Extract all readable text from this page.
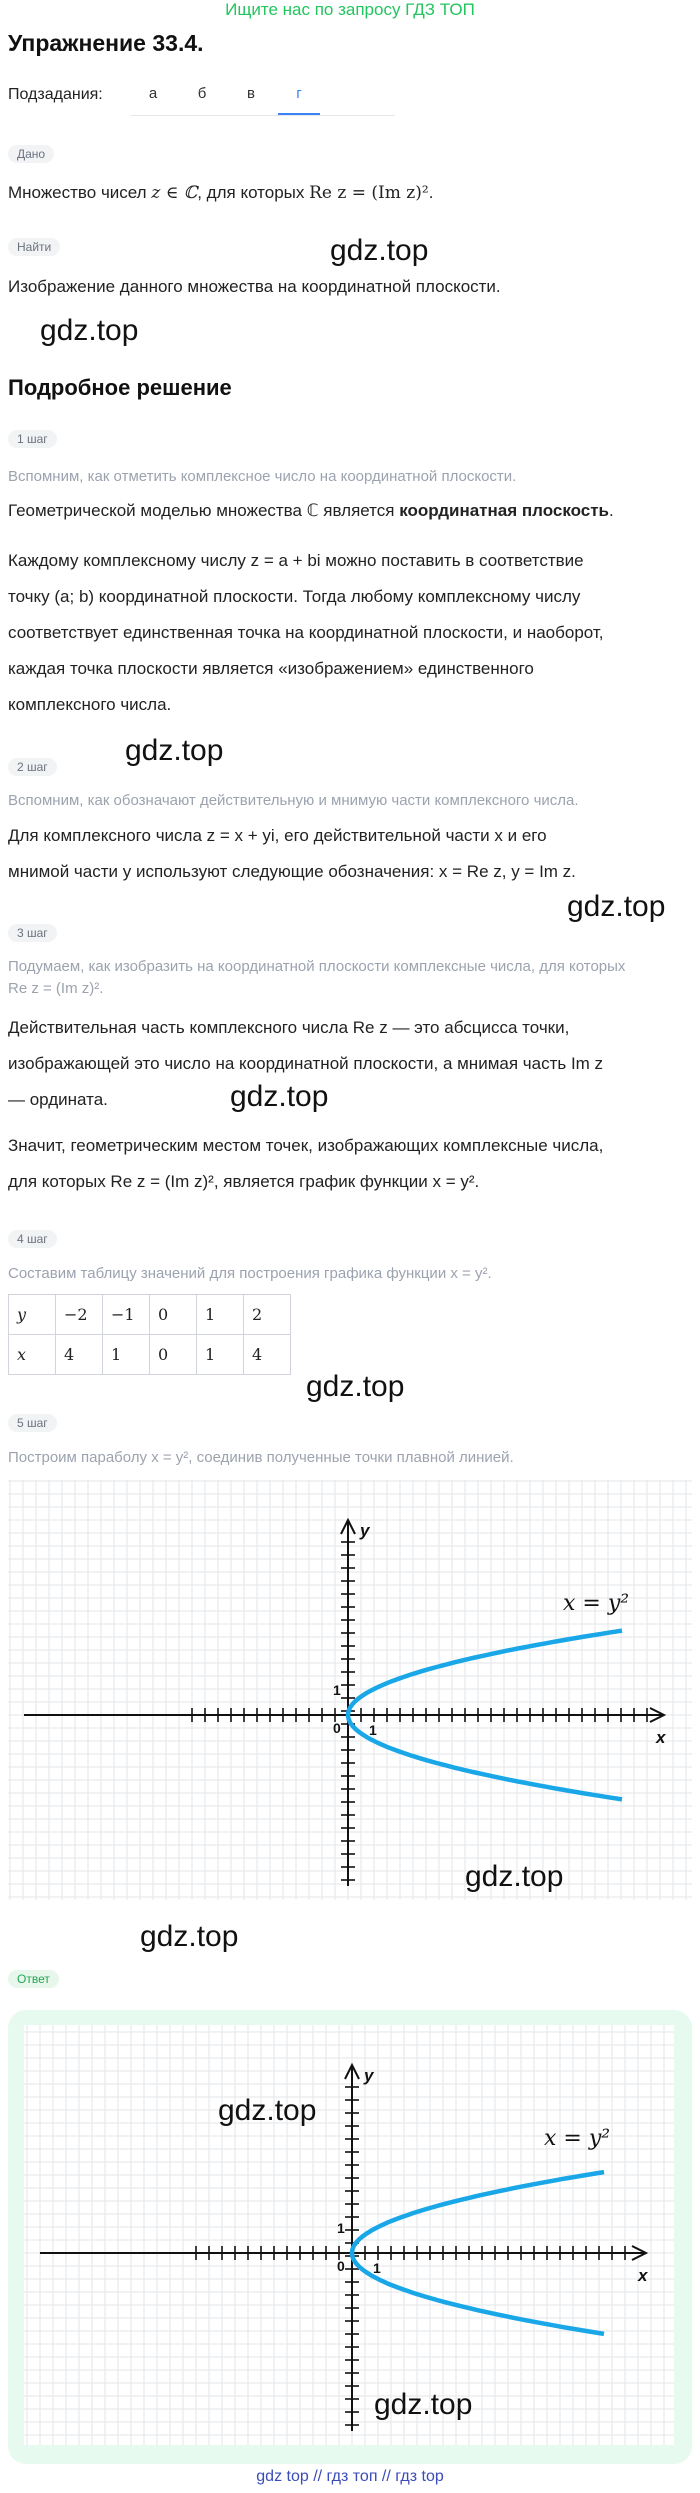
Ищите нас по запросу ГДЗ ТОП
Упражнение 33.4.
Подзадания:	а	б	в	г
Дано
Множество чисел z ∈ ℂ, для которых Re z = (Im z)².
Найти	gdz.top
Изображение данного множества на координатной плоскости.
gdz.top
Подробное решение
1 шаг
Вспомним, как отметить комплексное число на координатной плоскости.
Геометрической моделью множества ℂ является координатная плоскость.
Каждому комплексному числу z = a + bi можно поставить в соответствие
точку (a; b) координатной плоскости. Тогда любому комплексному числу
соответствует единственная точка на координатной плоскости, и наоборот,
каждая точка плоскости является «изображением» единственного
комплексного числа.
gdz.top
2 шаг
Вспомним, как обозначают действительную и мнимую части комплексного числа.
Для комплексного числа z = x + yi, его действительной части x и его
мнимой части y используют следующие обозначения: x = Re z, y = Im z.
gdz.top
3 шаг
Подумаем, как изобразить на координатной плоскости комплексные числа, для которых
Re z = (Im z)².
Действительная часть комплексного числа Re z — это абсцисса точки,
изображающей это число на координатной плоскости, а мнимая часть Im z
— ордината.	gdz.top
Значит, геометрическим местом точек, изображающих комплексные числа,
для которых Re z = (Im z)², является график функции x = y².
4 шаг
Составим таблицу значений для построения графика функции x = y².
y	−2	−1	0	1	2
x	4	1	0	1	4
gdz.top
5 шаг
Построим параболу x = y², соединив полученные точки плавной линией.
x
y
0
1
1
x = y²
gdz.top
gdz.top
Ответ
x
y
0
1
1
x = y²
gdz.top
gdz.top
gdz top // гдз топ // гдз top
